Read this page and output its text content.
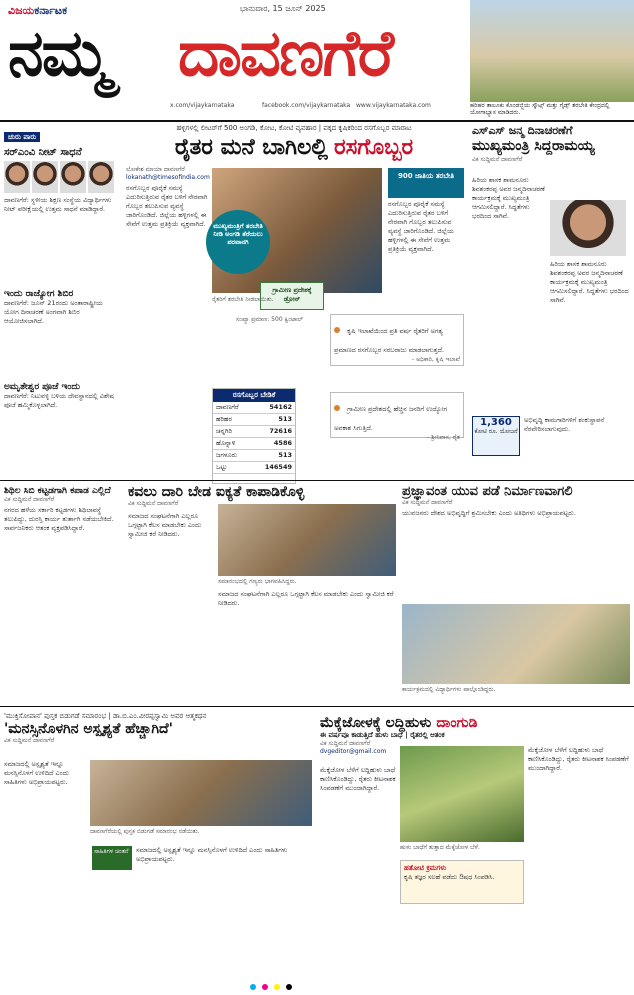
ವಿಜಯಕರ್ನಾಟಕ
ನಮ್ಮ ದಾವಣಗೆರೆ
ಭಾನುವಾರ, 15 ಜೂನ್ 2025
x.com/vijaykarnataka	facebook.com/vijaykarnataka www.vijaykarnataka.com	ಹರಿಹರ ತಾಲೂಕು ಕೊಂಡಜ್ಜಿಯ ಸ್ಕೌಟ್ಸ್ ಮತ್ತು ಗೈಡ್ಸ್ ತರಬೇತಿ ಕೇಂದ್ರದಲ್ಲಿ ಯೋಗಾಭ್ಯಾಸ ಮಾಡಿದರು.
ಚುರು ಪಾರು
ಸರ್‌ಎಂವಿ ನೀಟ್ ಸಾಧನೆ
ದಾವಣಗೆರೆ: ಸ್ಥಳೀಯ ಶಿಕ್ಷಣ ಸಂಸ್ಥೆಯ ವಿದ್ಯಾರ್ಥಿಗಳು ನೀಟ್ ಪರೀಕ್ಷೆಯಲ್ಲಿ ಉತ್ತಮ ಸಾಧನೆ ಮಾಡಿದ್ದಾರೆ.
ಇಂದು ರಾಜ್ಯೋಗ ಶಿಬಿರ
ದಾವಣಗೆರೆ: ಜೂನ್ 21ರಂದು ಅಂತಾರಾಷ್ಟ್ರೀಯ ಯೋಗ ದಿನಾಚರಣೆ ಅಂಗವಾಗಿ ಶಿಬಿರ ಆಯೋಜಿಸಲಾಗಿದೆ.
ಅಮೃತೇಶ್ವರ ಪೂಜೆ ಇಂದು
ದಾವಣಗೆರೆ: ನಿಟುವಳ್ಳಿ ಬಳಿಯ ದೇವಸ್ಥಾನದಲ್ಲಿ ವಿಶೇಷ ಪೂಜೆ ಹಮ್ಮಿಕೊಳ್ಳಲಾಗಿದೆ.
ಹಳ್ಳಿಗಳಲ್ಲಿ ಲೀಟರ್‌ಗೆ 500 ಅಂಗಡಿ, ಕೋಟ, ಕೋಟಿ ವ್ಯವಹಾರ | ಪಕ್ಕದ ಕೃಷಿಕರಿಂದ ರಸಗೊಬ್ಬರ ಮಾರಾಟ
ರೈತರ ಮನೆ ಬಾಗಿಲಲ್ಲಿ ರಸಗೊಬ್ಬರ
ಲೋಕೇಶ ಮಾಯಾ ದಾವಣಗೆರೆ
lokanath@timesofindia.com
ರಸಗೊಬ್ಬರ ಪೂರೈಕೆ ಸಮಸ್ಯೆ ಎದುರಿಸುತ್ತಿರುವ ರೈತರ ಬಳಿಗೆ ನೇರವಾಗಿ ಗೊಬ್ಬರ ತಲುಪಿಸುವ ವ್ಯವಸ್ಥೆ ಜಾರಿಗೊಂಡಿದೆ. ಜಿಲ್ಲೆಯ ಹಳ್ಳಿಗಳಲ್ಲಿ ಈ ಸೇವೆಗೆ ಉತ್ತಮ ಪ್ರತಿಕ್ರಿಯೆ ವ್ಯಕ್ತವಾಗಿದೆ.	ಮುಖ್ಯಮಂತ್ರಿಗೆ ತರಬೇತಿ ನೀಡಿ ಅಂಗಡಿ ತೆರೆಯಲು ಪರವಾನಗಿ
ಗ್ರಾಮೀಣ ಪ್ರದೇಶಕ್ಕೆ ಡ್ರೋನ್
900 ಜಾತಿಯ ತರಬೇತಿ
ರಸಗೊಬ್ಬರ ಪೂರೈಕೆ ಸಮಸ್ಯೆ ಎದುರಿಸುತ್ತಿರುವ ರೈತರ ಬಳಿಗೆ ನೇರವಾಗಿ ಗೊಬ್ಬರ ತಲುಪಿಸುವ ವ್ಯವಸ್ಥೆ ಜಾರಿಗೊಂಡಿದೆ. ಜಿಲ್ಲೆಯ ಹಳ್ಳಿಗಳಲ್ಲಿ ಈ ಸೇವೆಗೆ ಉತ್ತಮ ಪ್ರತಿಕ್ರಿಯೆ ವ್ಯಕ್ತವಾಗಿದೆ.
ರೈತರಿಗೆ ತರಬೇತಿ ನೀಡಲಾಯಿತು.
ಕೃಷಿ ಇಲಾಖೆಯಿಂದ ಪ್ರತಿ ವರ್ಷ ರೈತರಿಗೆ ಅಗತ್ಯ ಪ್ರಮಾಣದ ರಸಗೊಬ್ಬರ ಸರಬರಾಜು ಮಾಡಲಾಗುತ್ತದೆ.
- ಅಧಿಕಾರಿ, ಕೃಷಿ ಇಲಾಖೆ
ಗ್ರಾಮೀಣ ಪ್ರದೇಶದಲ್ಲಿ ಹೆಚ್ಚಿನ ಜನರಿಗೆ ಉದ್ಯೋಗ ಅವಕಾಶ ಸಿಗುತ್ತಿದೆ.
- ಶ್ರೀನಿವಾಸ, ರೈತ
ಸಂಖ್ಯಾ ಪ್ರಮಾಣ: 500 ಕ್ವಿಂಟಾಲ್
ರಸಗೊಬ್ಬರ ಬೇಡಿಕೆ
ದಾವಣಗೆರೆ	54162
ಹರಿಹರ	513
ಚನ್ನಗಿರಿ	72616
ಹೊನ್ನಾಳಿ	4586
ಜಗಳೂರು	513
ಒಟ್ಟು	146549
ಎಸ್ಎಸ್ ಜನ್ಮ ದಿನಾಚರಣೆಗೆ
ಮುಖ್ಯಮಂತ್ರಿ ಸಿದ್ದರಾಮಯ್ಯ
ವಿಕ ಸುದ್ದಿಮನೆ ದಾವಣಗೆರೆ
ಹಿರಿಯ ಶಾಸಕ ಶಾಮನೂರು ಶಿವಶಂಕರಪ್ಪ ಅವರ ಜನ್ಮದಿನಾಚರಣೆ ಕಾರ್ಯಕ್ರಮಕ್ಕೆ ಮುಖ್ಯಮಂತ್ರಿ ಆಗಮಿಸಲಿದ್ದಾರೆ. ಸಿದ್ಧತೆಗಳು ಭರದಿಂದ ಸಾಗಿವೆ.
ಹಿರಿಯ ಶಾಸಕ ಶಾಮನೂರು ಶಿವಶಂಕರಪ್ಪ ಅವರ ಜನ್ಮದಿನಾಚರಣೆ ಕಾರ್ಯಕ್ರಮಕ್ಕೆ ಮುಖ್ಯಮಂತ್ರಿ ಆಗಮಿಸಲಿದ್ದಾರೆ. ಸಿದ್ಧತೆಗಳು ಭರದಿಂದ ಸಾಗಿವೆ.
1,360
ಕೋಟಿ ರೂ. ಯೋಜನೆ
ಅಭಿವೃದ್ಧಿ ಕಾಮಗಾರಿಗಳಿಗೆ ಶಂಕುಸ್ಥಾಪನೆ ನೆರವೇರಿಸಲಾಗುವುದು.
ಶಿಥಿಲ ಸಿಬಿ ಕಟ್ಟಡಗಾಗಿ ಕಪಾಡ ಎಲ್ಲಿದೆ
ವಿಕ ಸುದ್ದಿಮನೆ ದಾವಣಗೆರೆ
ನಗರದ ಹಳೆಯ ಸರ್ಕಾರಿ ಕಟ್ಟಡಗಳು ಶಿಥಿಲಾವಸ್ಥೆ ತಲುಪಿದ್ದು, ದುರಸ್ತಿ ಕಾರ್ಯ ತುರ್ತಾಗಿ ನಡೆಯಬೇಕಿದೆ. ಸಾರ್ವಜನಿಕರು ಆತಂಕ ವ್ಯಕ್ತಪಡಿಸಿದ್ದಾರೆ.
ಕವಲು ದಾರಿ ಬೇಡ ಐಕ್ಯತೆ ಕಾಪಾಡಿಕೊಳ್ಳಿ
ವಿಕ ಸುದ್ದಿಮನೆ ದಾವಣಗೆರೆ
ಸಮಾಜದ ಸಂಘಟನೆಗಾಗಿ ಎಲ್ಲರೂ ಒಗ್ಗಟ್ಟಾಗಿ ಕೆಲಸ ಮಾಡಬೇಕು ಎಂದು ಸ್ವಾಮೀಜಿ ಕರೆ ನೀಡಿದರು.
ಸಮಾರಂಭದಲ್ಲಿ ಗಣ್ಯರು ಭಾಗವಹಿಸಿದ್ದರು.
ಸಮಾಜದ ಸಂಘಟನೆಗಾಗಿ ಎಲ್ಲರೂ ಒಗ್ಗಟ್ಟಾಗಿ ಕೆಲಸ ಮಾಡಬೇಕು ಎಂದು ಸ್ವಾಮೀಜಿ ಕರೆ ನೀಡಿದರು.
ಪ್ರಜ್ಞಾವಂತ ಯುವ ಪಡೆ ನಿರ್ಮಾಣವಾಗಲಿ
ವಿಕ ಸುದ್ದಿಮನೆ ದಾವಣಗೆರೆ
ಯುವಜನರು ದೇಶದ ಅಭಿವೃದ್ಧಿಗೆ ಶ್ರಮಿಸಬೇಕು ಎಂದು ಅತಿಥಿಗಳು ಅಭಿಪ್ರಾಯಪಟ್ಟರು.
ಕಾರ್ಯಕ್ರಮದಲ್ಲಿ ವಿದ್ಯಾರ್ಥಿಗಳು ಪಾಲ್ಗೊಂಡಿದ್ದರು.
'ಮುಕ್ತಿಸೋಪಾನ' ಪುಸ್ತಕ ಬಿಡುಗಡೆ ಸಮಾರಂಭ | ಡಾ.ಬಿ.ಎಂ.ವೀರಪ್ಪಸ್ವಾಮಿ ಅವರ ಆತ್ಮಕಥನ
'ಮನಸ್ಸಿನೊಳಗಿನ ಅಸ್ಪೃಶ್ಯತೆ ಹೆಚ್ಚಾಗಿದೆ'
ವಿಕ ಸುದ್ದಿಮನೆ ದಾವಣಗೆರೆ
ಸಮಾಜದಲ್ಲಿ ಅಸ್ಪೃಶ್ಯತೆ ಇನ್ನೂ ಮನಸ್ಸಿನೊಳಗೆ ಉಳಿದಿದೆ ಎಂದು ಸಾಹಿತಿಗಳು ಅಭಿಪ್ರಾಯಪಟ್ಟರು.
ದಾವಣಗೆರೆಯಲ್ಲಿ ಪುಸ್ತಕ ಬಿಡುಗಡೆ ಸಮಾರಂಭ ನಡೆಯಿತು.
ಸಾಹಿತಿಗಳ ಚಿಂತನೆ	ಸಮಾಜದಲ್ಲಿ ಅಸ್ಪೃಶ್ಯತೆ ಇನ್ನೂ ಮನಸ್ಸಿನೊಳಗೆ ಉಳಿದಿದೆ ಎಂದು ಸಾಹಿತಿಗಳು ಅಭಿಪ್ರಾಯಪಟ್ಟರು.
ಮೆಕ್ಕೆಜೋಳಕ್ಕೆ ಲದ್ದಿಹುಳು ದಾಂಗುಡಿ
ಈ ವರ್ಷವೂ ಕಾಡುತ್ತಿದೆ ಹುಳು ಬಾಧೆ | ರೈತರಲ್ಲಿ ಆತಂಕ
ವಿಕ ಸುದ್ದಿಮನೆ ದಾವಣಗೆರೆ
dvgeditor@gmail.com
ಮೆಕ್ಕೆಜೋಳ ಬೆಳೆಗೆ ಲದ್ದಿಹುಳು ಬಾಧೆ ಕಾಣಿಸಿಕೊಂಡಿದ್ದು, ರೈತರು ಕೀಟನಾಶಕ ಸಿಂಪಡಣೆಗೆ ಮುಂದಾಗಿದ್ದಾರೆ.
ಹುಳು ಬಾಧೆಗೆ ತುತ್ತಾದ ಮೆಕ್ಕೆಜೋಳ ಬೆಳೆ.
ಹತೋಟಿ ಕ್ರಮಗಳು
ಕೃಷಿ ತಜ್ಞರ ಸಲಹೆ ಪಡೆದು ಔಷಧ ಸಿಂಪಡಿಸಿ.
ಮೆಕ್ಕೆಜೋಳ ಬೆಳೆಗೆ ಲದ್ದಿಹುಳು ಬಾಧೆ ಕಾಣಿಸಿಕೊಂಡಿದ್ದು, ರೈತರು ಕೀಟನಾಶಕ ಸಿಂಪಡಣೆಗೆ ಮುಂದಾಗಿದ್ದಾರೆ.
